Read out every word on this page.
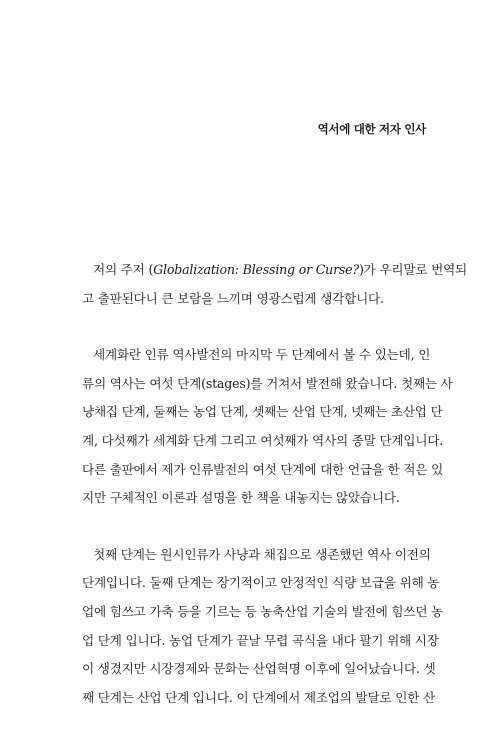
역서에 대한 저자 인사

저의 주저 (Globalization: Blessing or Curse?)가 우리말로 번역되
고 출판된다니 큰 보람을 느끼며 영광스럽게 생각합니다.

세계화란 인류 역사발전의 마지막 두 단계에서 볼 수 있는데, 인
류의 역사는 여섯 단계(stages)를 거쳐서 발전해 왔습니다. 첫째는 사
냥채집 단계, 둘째는 농업 단계, 셋째는 산업 단계, 넷째는 초산업 단
계, 다섯째가 세계화 단계 그리고 여섯째가 역사의 종말 단계입니다.
다른 출판에서 제가 인류발전의 여섯 단계에 대한 언급을 한 적은 있
지만 구체적인 이론과 설명을 한 책을 내놓지는 않았습니다.

첫째 단계는 원시인류가 사냥과 채집으로 생존했던 역사 이전의
단계입니다. 둘째 단계는 장기적이고 안정적인 식량 보급을 위해 농
업에 힘쓰고 가축 등을 기르는 등 농축산업 기술의 발전에 힘쓰던 농
업 단계 입니다. 농업 단계가 끝날 무렵 곡식을 내다 팔기 위해 시장
이 생겼지만 시장경제와 문화는 산업혁명 이후에 일어났습니다. 셋
째 단계는 산업 단계 입니다. 이 단계에서 제조업의 발달로 인한 산
